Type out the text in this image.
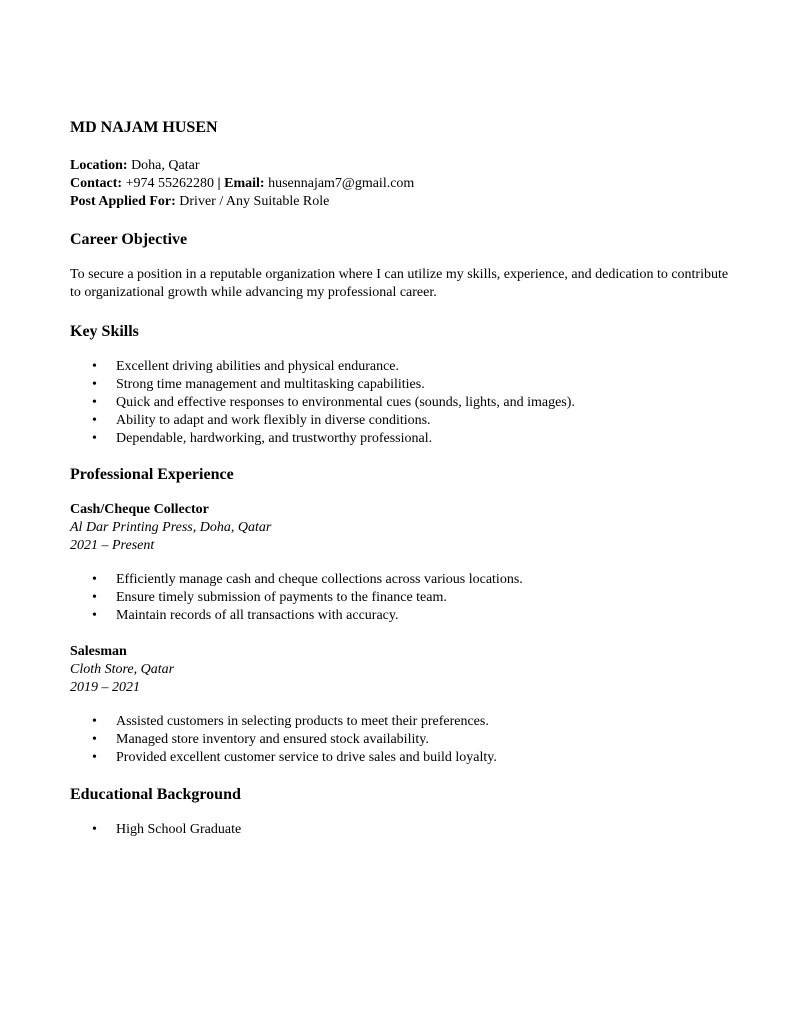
MD NAJAM HUSEN

Location: Doha, Qatar

Contact: +974 55262280 | Email: husennajam7@gmail.com

Post Applied For: Driver / Any Suitable Role

Career Objective

To secure a position in a reputable organization where I can utilize my skills, experience, and dedication to contribute to organizational growth while advancing my professional career.

Key Skills
• Excellent driving abilities and physical endurance.
• Strong time management and multitasking capabilities.
• Quick and effective responses to environmental cues (sounds, lights, and images).
• Ability to adapt and work flexibly in diverse conditions.
• Dependable, hardworking, and trustworthy professional.
Professional Experience

Cash/Cheque Collector

Al Dar Printing Press, Doha, Qatar

2021 – Present

• Efficiently manage cash and cheque collections across various locations.
• Ensure timely submission of payments to the finance team.
• Maintain records of all transactions with accuracy.

Salesman

Cloth Store, Qatar

2019 – 2021

• Assisted customers in selecting products to meet their preferences.
• Managed store inventory and ensured stock availability.
• Provided excellent customer service to drive sales and build loyalty.
Educational Background
• High School Graduate
